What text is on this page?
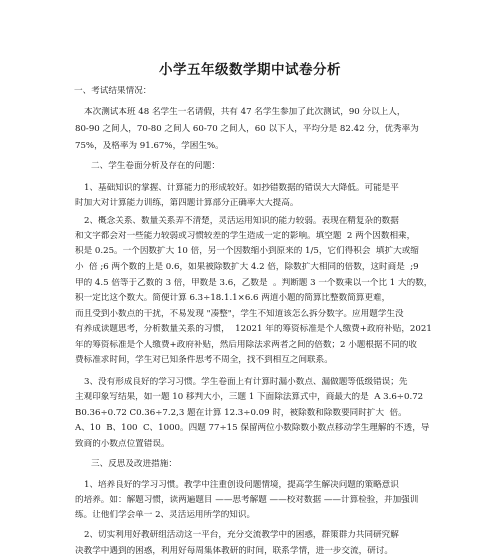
小学五年级数学期中试卷分析
一、考试结果情况：
本次测试本班 48 名学生一名请假，共有 47 名学生参加了此次测试，90 分以上人，
80-90 之间人，70-80 之间人 60-70 之间人，60 以下人，平均分是 82.42 分，优秀率为
75%，及格率为 91.67%，学困生%。
二、学生卷面分析及存在的问题：
1、基础知识的掌握、计算能力的形成较好。如抄错数据的错误大大降低。可能是平
时加大对计算能力训练，第四题计算部分正确率大大提高。
2、概念关系、数量关系弄不清楚，灵活运用知识的能力较弱。表现在精复杂的数据
和文字都会对一些能力较弱或习惯较差的学生造成一定的影响。填空题  2 两个因数相乘，
积是 0.25。一个因数扩大 10 倍，另一个因数缩小到原来的 1/5，它们得积会  填扩大或缩
小  倍 ;6 两个数的上是 0.6，如果被除数扩大 4.2 倍，除数扩大相同的倍数，这时商是  ;9
甲的 4.5 倍等于乙数的 3 倍，甲数是 3.6，乙数是  。判断题 3 一个数乘以一个比 1 大的数，
积一定比这个数大。简便计算 6.3÷18.1.1×6.6 两道小题的简算比整数简算更难，
而且受到小数点的干扰，不易发现 "凑整"，学生不知道该怎么拆分数字。应用题学生没
有养成读题思考，分析数量关系的习惯，  12021 年的筹资标准是个人缴费+政府补贴，2021
年的筹资标准是个人缴费+政府补贴，然后用除法求两者之间的倍数；2 小题根据不同的收
费标准求时间，学生对已知条件思考不周全，找不到相互之间联系。
3、没有形成良好的学习习惯。学生卷面上有计算时漏小数点、漏做题等低级错误；先
主观印象写结果，如一题 10 移判大小，三题 1 下面除法算式中，商最大的是  A 3.6÷0.72
B0.36÷0.72 C0.36÷7.2,3 题在计算 12.3÷0.09 时，被除数和除数要同时扩大  倍。
A、10  B、100  C、1000。四题 77÷15 保留两位小数除数小数点移动学生理解的不透，导
致商的小数点位置错误。
三、反思及改进措施：
1、培养良好的学习习惯。教学中注重创设问题情境，提高学生解决问题的策略意识
的培养。如：解题习惯，读两遍题目 ——思考解题 ——校对数据 ——计算检验，并加强训
练。让他们学会单一 2、灵活运用所学的知识。
2、切实利用好教研组活动这一平台，充分交流教学中的困惑，群策群力共同研究解
决教学中遇到的困惑，利用好每周集体教研的时间，联系学情，进一步交流，研讨。
